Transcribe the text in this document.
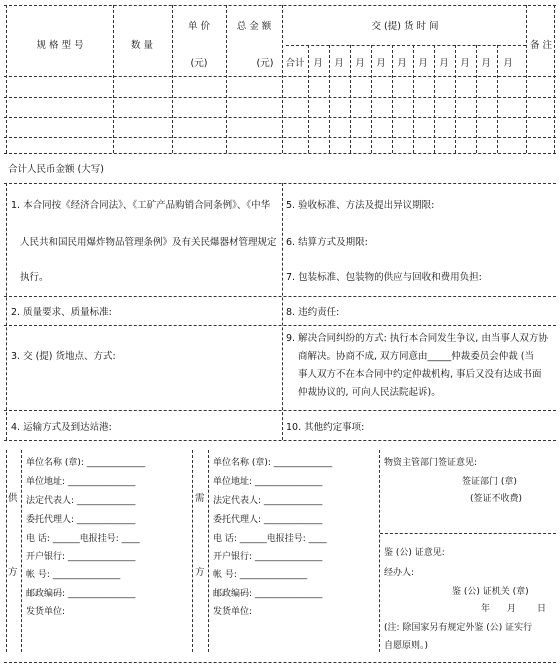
规 格 型 号	数 量
单 价
(元)
总 金 额
(元)
交 (提) 货 时 间
备 注
合计 月 月 月 月 月 月 月 月 月 月
合计人民币金额 (大写)
1. 本合同按《经济合同法》、《工矿产品购销合同条例》、《中华
人民共和国民用爆炸物品管理条例》及有关民爆器材管理规定
执行。
2. 质量要求、质量标准:
3. 交 (提) 货地点、方式:
4. 运输方式及到达站港:
5. 验收标准、方法及提出异议期限:
6. 结算方式及期限:
7. 包装标准、包装物的供应与回收和费用负担:
8. 违约责任:
9. 解决合同纠纷的方式: 执行本合同发生争议, 由当事人双方协
商解决。协商不成, 双方同意由_____仲裁委员会仲裁 (当
事人双方不在本合同中约定仲裁机构, 事后又没有达成书面
仲裁协议的, 可向人民法院起诉)。
10. 其他约定事项:
供
方
单位名称 (章): _____________
单位地址: _______________
法定代表人: _____________
委托代理人: _____________
电 话: ______电报挂号: ____
开户银行: _______________
帐 号: _______________
邮政编码: _______________
发货单位:
需
方
单位名称 (章): _____________
单位地址: _______________
法定代表人: _____________
委托代理人: _____________
电 话: ______电报挂号: ____
开户银行: _______________
帐 号: _______________
邮政编码: _______________
发货单位:
物资主管部门签证意见:
签证部门 (章)
(签证不收费)
鉴 (公) 证意见:
经办人:
鉴 (公) 证机关 (章)
年 月 日
(注: 除国家另有规定外鉴 (公) 证实行
自愿原则。)
